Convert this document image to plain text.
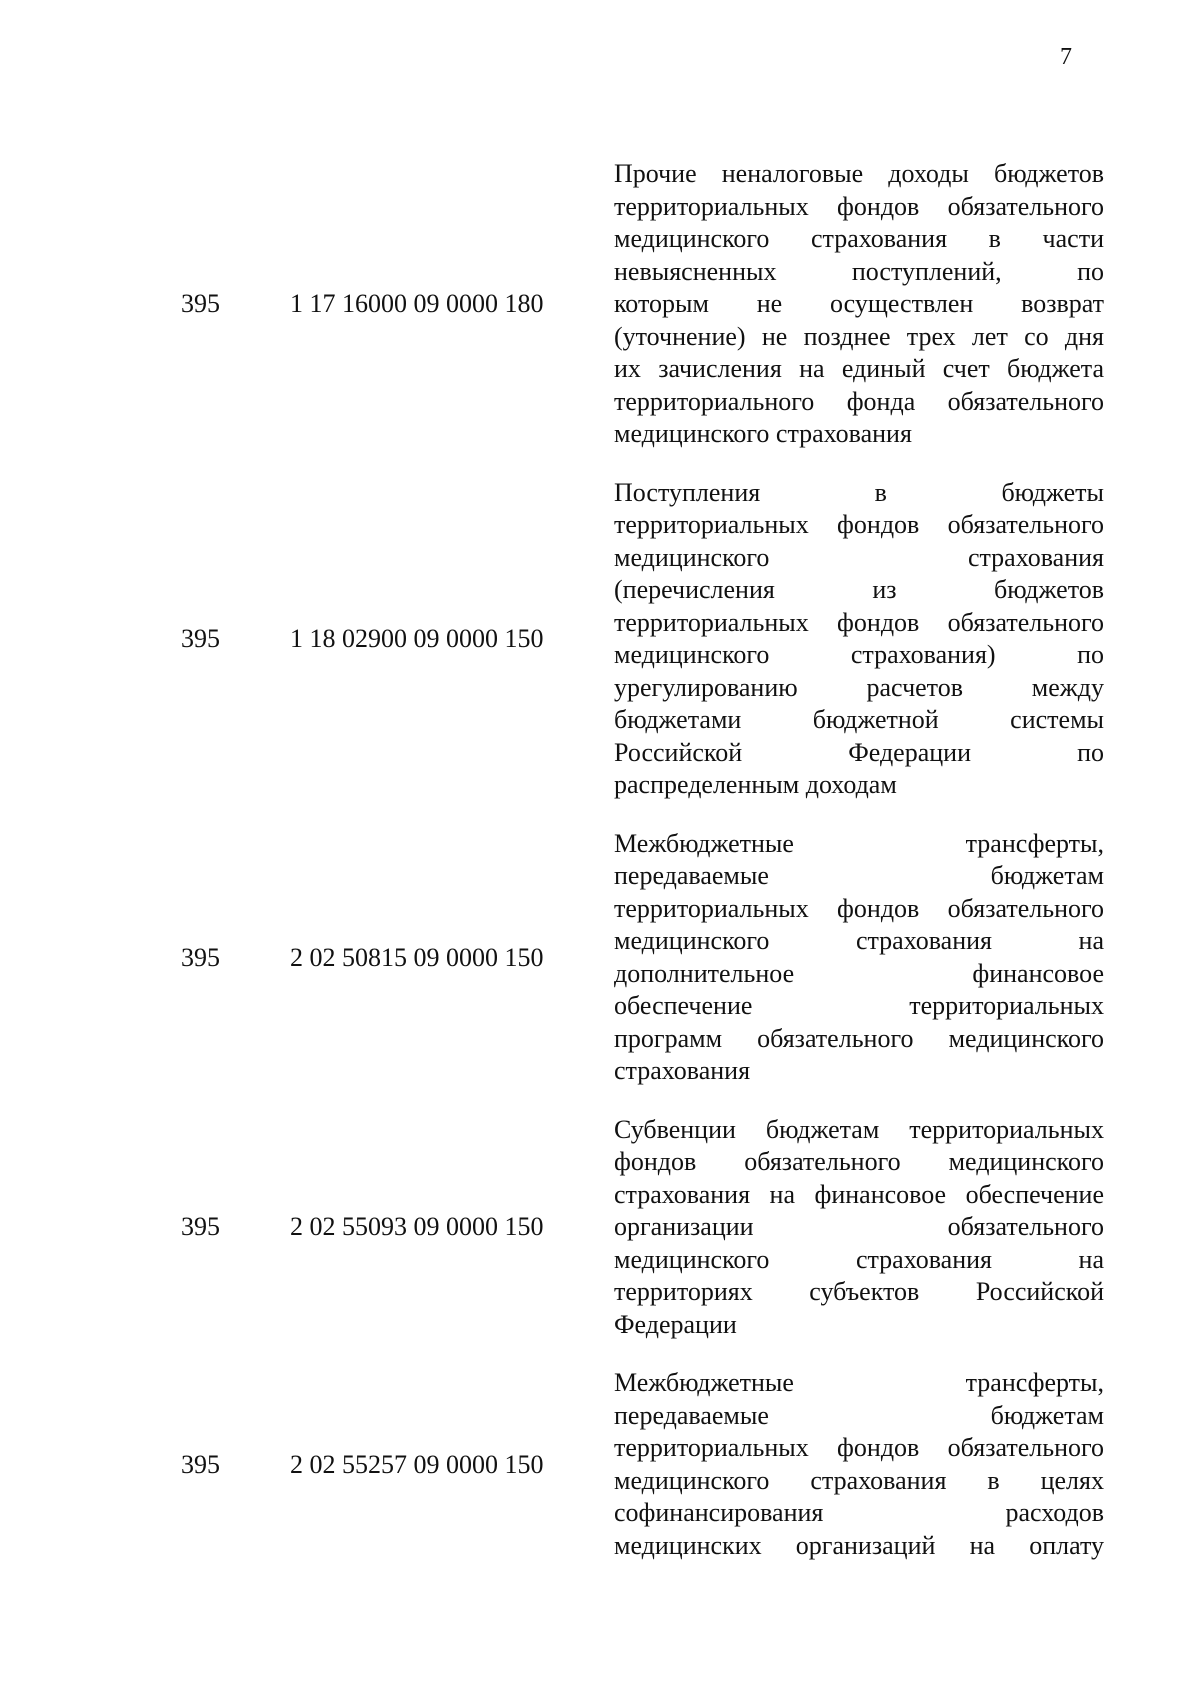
7
395	1 17 16000 09 0000 180
Прочие неналоговые доходы бюджетов
территориальных фондов обязательного
медицинского страхования в части
невыясненных поступлений, по
которым не осуществлен возврат
(уточнение) не позднее трех лет со дня
их зачисления на единый счет бюджета
территориального фонда обязательного
медицинского страхования
395	1 18 02900 09 0000 150
Поступления в бюджеты
территориальных фондов обязательного
медицинского страхования
(перечисления из бюджетов
территориальных фондов обязательного
медицинского страхования) по
урегулированию расчетов между
бюджетами бюджетной системы
Российской Федерации по
распределенным доходам
395	2 02 50815 09 0000 150
Межбюджетные трансферты,
передаваемые бюджетам
территориальных фондов обязательного
медицинского страхования на
дополнительное финансовое
обеспечение территориальных
программ обязательного медицинского
страхования
395	2 02 55093 09 0000 150
Субвенции бюджетам территориальных
фондов обязательного медицинского
страхования на финансовое обеспечение
организации обязательного
медицинского страхования на
территориях субъектов Российской
Федерации
395	2 02 55257 09 0000 150
Межбюджетные трансферты,
передаваемые бюджетам
территориальных фондов обязательного
медицинского страхования в целях
софинансирования расходов
медицинских организаций на оплату
